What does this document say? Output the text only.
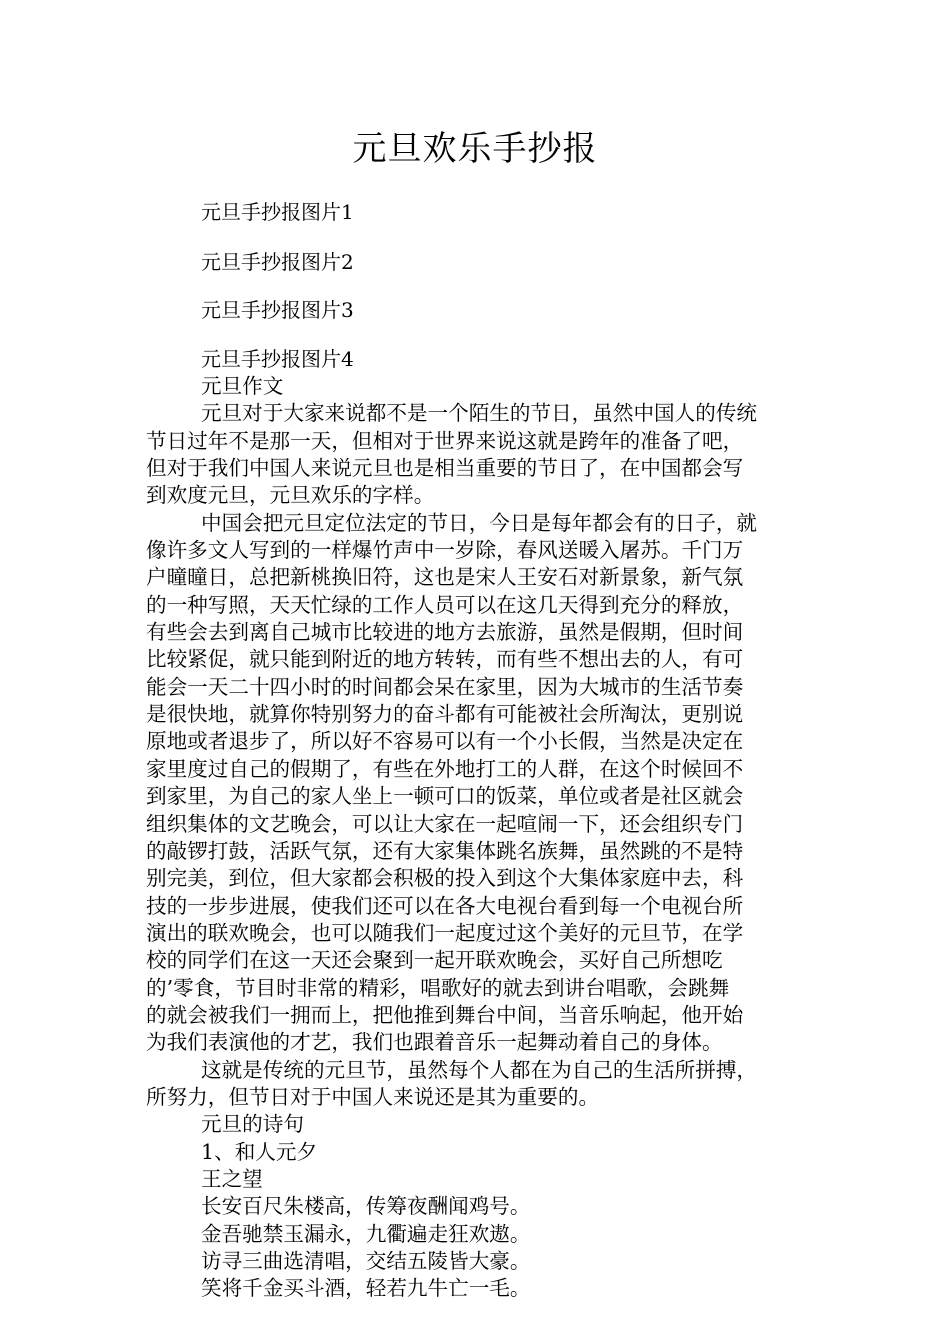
元旦欢乐手抄报
元旦手抄报图片1
元旦手抄报图片2
元旦手抄报图片3
元旦手抄报图片4
元旦作文
元旦对于大家来说都不是一个陌生的节日，虽然中国人的传统
节日过年不是那一天，但相对于世界来说这就是跨年的准备了吧，
但对于我们中国人来说元旦也是相当重要的节日了，在中国都会写
到欢度元旦，元旦欢乐的字样。
中国会把元旦定位法定的节日，今日是每年都会有的日子，就
像许多文人写到的一样爆竹声中一岁除，春风送暖入屠苏。千门万
户曈曈日，总把新桃换旧符，这也是宋人王安石对新景象，新气氛
的一种写照，天天忙绿的工作人员可以在这几天得到充分的释放，
有些会去到离自己城市比较进的地方去旅游，虽然是假期，但时间
比较紧促，就只能到附近的地方转转，而有些不想出去的人，有可
能会一天二十四小时的时间都会呆在家里，因为大城市的生活节奏
是很快地，就算你特别努力的奋斗都有可能被社会所淘汰，更别说
原地或者退步了，所以好不容易可以有一个小长假，当然是决定在
家里度过自己的假期了，有些在外地打工的人群，在这个时候回不
到家里，为自己的家人坐上一顿可口的饭菜，单位或者是社区就会
组织集体的文艺晚会，可以让大家在一起喧闹一下，还会组织专门
的敲锣打鼓，活跃气氛，还有大家集体跳名族舞，虽然跳的不是特
别完美，到位，但大家都会积极的投入到这个大集体家庭中去，科
技的一步步进展，使我们还可以在各大电视台看到每一个电视台所
演出的联欢晚会，也可以随我们一起度过这个美好的元旦节，在学
校的同学们在这一天还会聚到一起开联欢晚会，买好自己所想吃
的’零食，节目时非常的精彩，唱歌好的就去到讲台唱歌，会跳舞
的就会被我们一拥而上，把他推到舞台中间，当音乐响起，他开始
为我们表演他的才艺，我们也跟着音乐一起舞动着自己的身体。
这就是传统的元旦节，虽然每个人都在为自己的生活所拼搏，
所努力，但节日对于中国人来说还是其为重要的。
元旦的诗句
1、和人元夕
王之望
长安百尺朱楼高，传筹夜酬闻鸡号。
金吾驰禁玉漏永，九衢遍走狂欢遨。
访寻三曲选清唱，交结五陵皆大豪。
笑将千金买斗酒，轻若九牛亡一毛。
